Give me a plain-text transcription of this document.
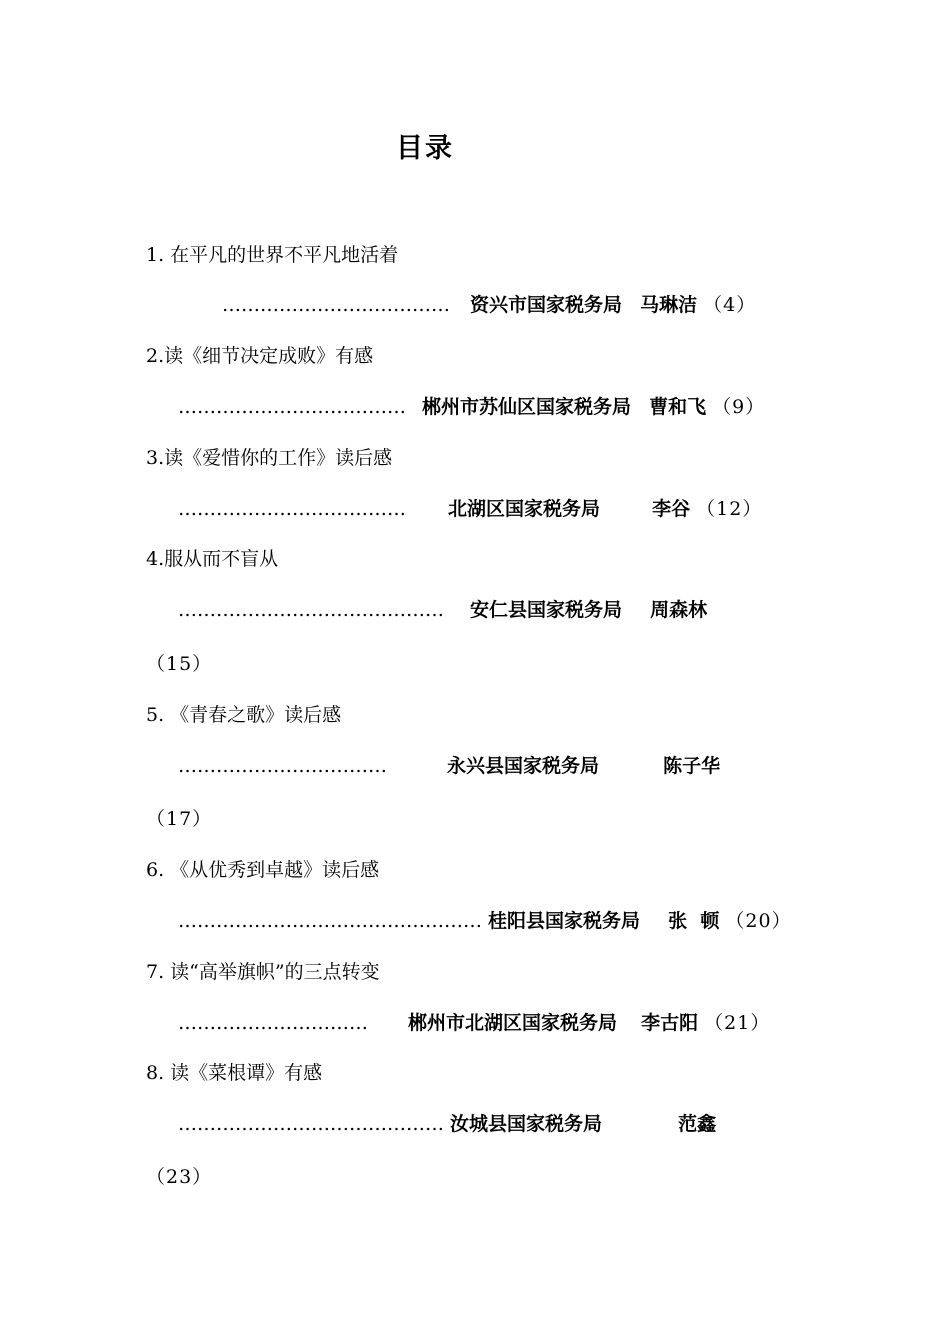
目录
1. 在平凡的世界不平凡地活着
……………………………… 资兴市国家税务局 马琳洁 （4）
2.读《细节决定成败》有感
……………………………… 郴州市苏仙区国家税务局 曹和飞 （9）
3.读《爱惜你的工作》读后感
……………………………… 北湖区国家税务局	李谷 （12）
4.服从而不盲从
…………………………………… 安仁县国家税务局 周森林
（15）
5. 《青春之歌》读后感
……………………………	永兴县国家税务局	陈子华
（17）
6. 《从优秀到卓越》读后感
………………………………………… 桂阳县国家税务局 张  顿 （20）
7. 读“高举旗帜”的三点转变
………………………… 郴州市北湖区国家税务局 李古阳 （21）
8. 读《菜根谭》有感
…………………………………… 汝城县国家税务局	范鑫
（23）
